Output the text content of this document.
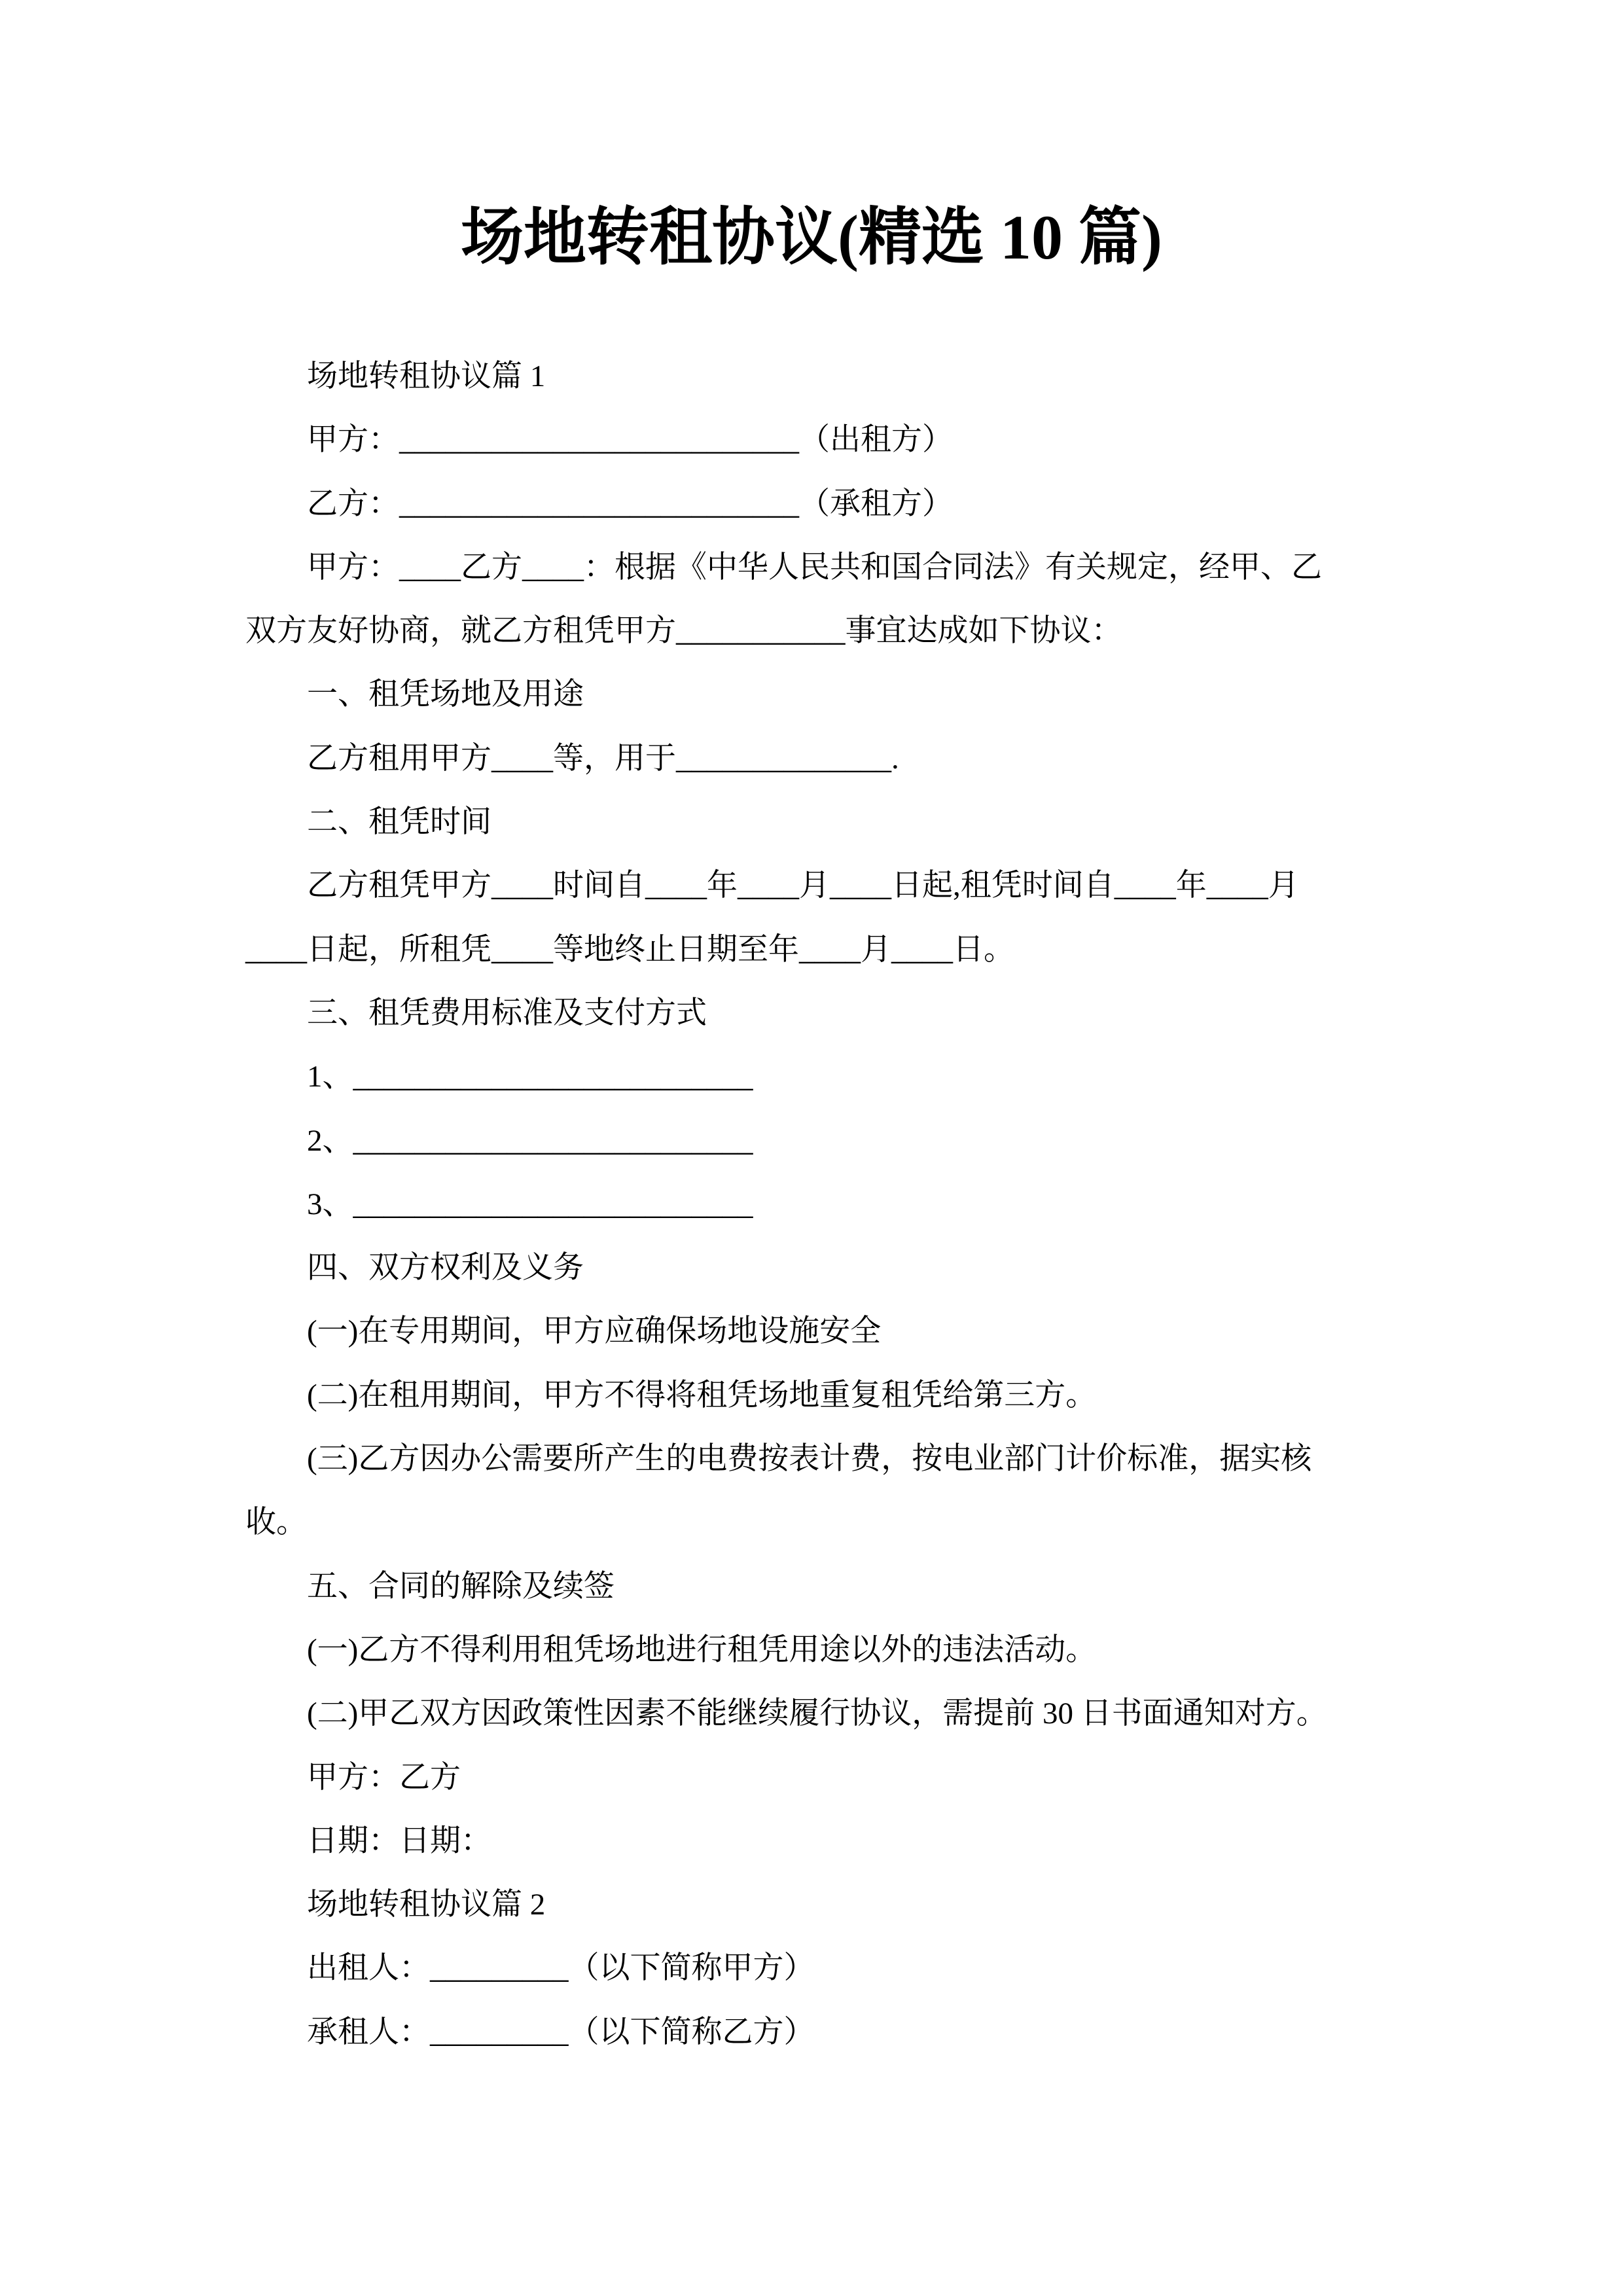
场地转租协议(精选 10 篇)
场地转租协议篇 1
甲方：__________________________（出租方）
乙方：__________________________（承租方）
甲方：____乙方____：根据《中华人民共和国合同法》有关规定，经甲、乙
双方友好协商，就乙方租凭甲方___________事宜达成如下协议：
一、租凭场地及用途
乙方租用甲方____等，用于______________.
二、租凭时间
乙方租凭甲方____时间自____年____月____日起,租凭时间自____年____月
____日起，所租凭____等地终止日期至年____月____日。
三、租凭费用标准及支付方式
1、__________________________
2、__________________________
3、__________________________
四、双方权利及义务
(一)在专用期间，甲方应确保场地设施安全
(二)在租用期间，甲方不得将租凭场地重复租凭给第三方。
(三)乙方因办公需要所产生的电费按表计费，按电业部门计价标准，据实核
收。
五、合同的解除及续签
(一)乙方不得利用租凭场地进行租凭用途以外的违法活动。
(二)甲乙双方因政策性因素不能继续履行协议，需提前 30 日书面通知对方。
甲方：乙方
日期：日期：
场地转租协议篇 2
出租人：_________（以下简称甲方）
承租人：_________（以下简称乙方）
